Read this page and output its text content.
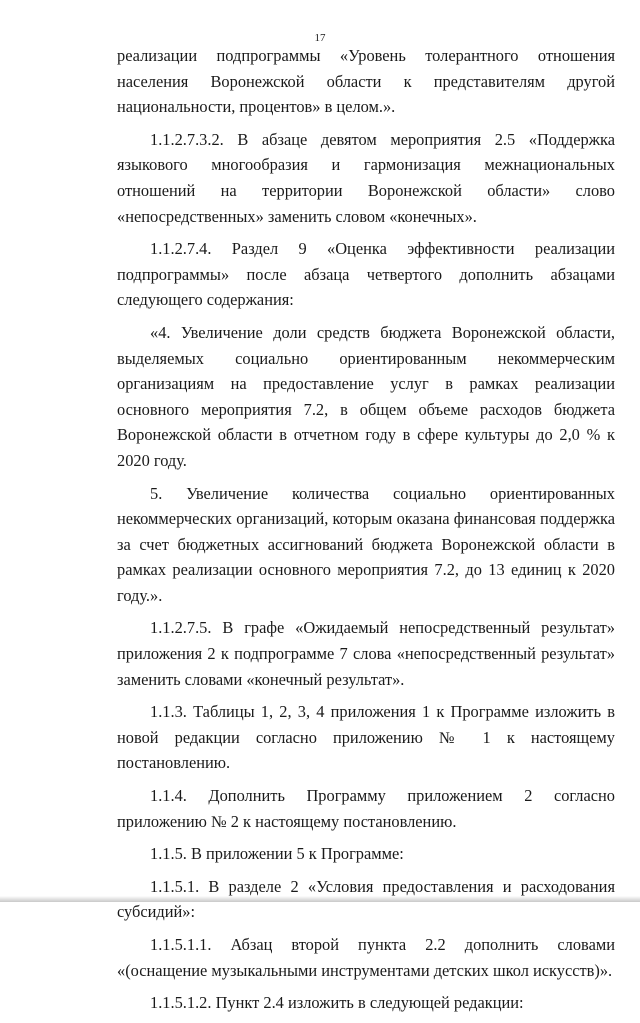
17

реализации подпрограммы «Уровень толерантного отношения населения Воронежской области к представителям другой национальности, процентов» в целом.».

1.1.2.7.3.2. В абзаце девятом мероприятия 2.5 «Поддержка языкового многообразия и гармонизация межнациональных отношений на территории Воронежской области» слово «непосредственных» заменить словом «конечных».

1.1.2.7.4. Раздел 9 «Оценка эффективности реализации подпрограммы» после абзаца четвертого дополнить абзацами следующего содержания:

«4. Увеличение доли средств бюджета Воронежской области, выделяемых социально ориентированным некоммерческим организациям на предоставление услуг в рамках реализации основного мероприятия 7.2, в общем объеме расходов бюджета Воронежской области в отчетном году в сфере культуры до 2,0 % к 2020 году.

5. Увеличение количества социально ориентированных некоммерческих организаций, которым оказана финансовая поддержка за счет бюджетных ассигнований бюджета Воронежской области в рамках реализации основного мероприятия 7.2, до 13 единиц к 2020 году.».

1.1.2.7.5. В графе «Ожидаемый непосредственный результат» приложения 2 к подпрограмме 7 слова «непосредственный результат» заменить словами «конечный результат».

1.1.3. Таблицы 1, 2, 3, 4 приложения 1 к Программе изложить в новой редакции согласно приложению № 1 к настоящему постановлению.

1.1.4. Дополнить Программу приложением 2 согласно приложению № 2 к настоящему постановлению.

1.1.5. В приложении 5 к Программе:

1.1.5.1. В разделе 2 «Условия предоставления и расходования субсидий»:

1.1.5.1.1. Абзац второй пункта 2.2 дополнить словами «(оснащение музыкальными инструментами детских школ искусств)».

1.1.5.1.2. Пункт 2.4 изложить в следующей редакции:
